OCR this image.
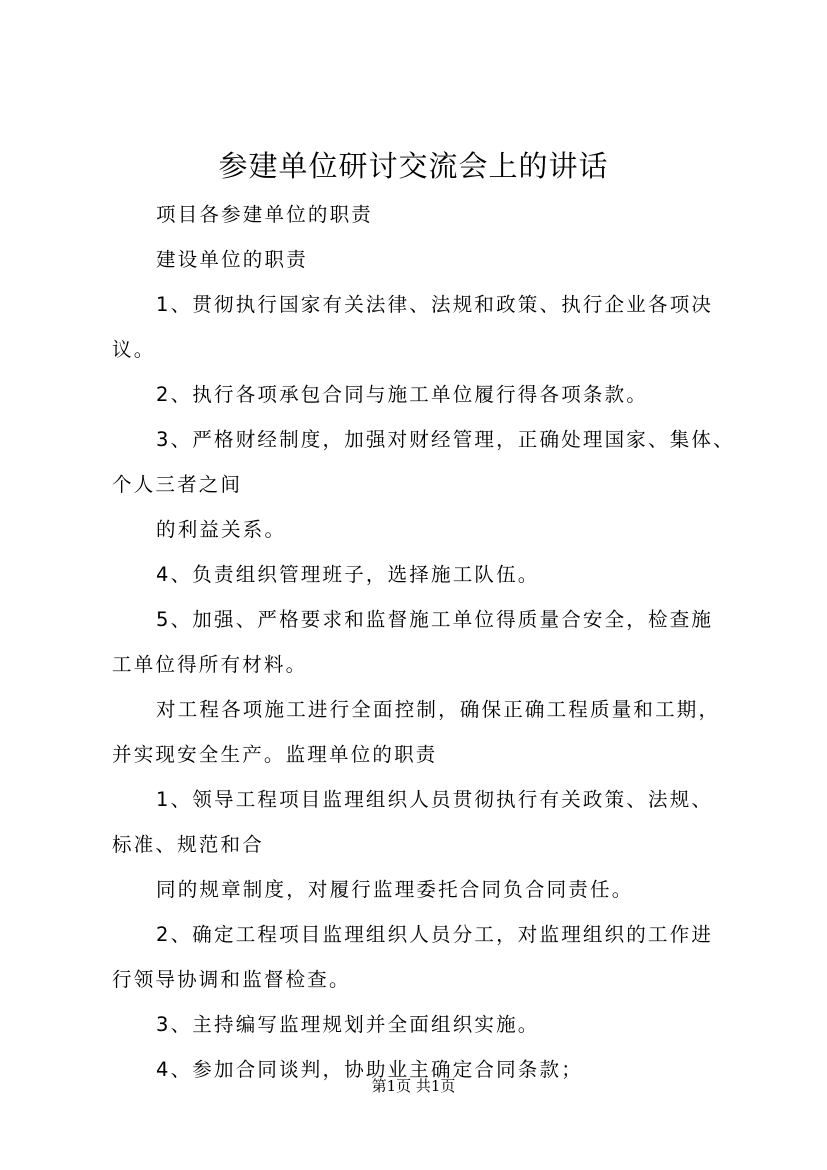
参建单位研讨交流会上的讲话
项目各参建单位的职责
建设单位的职责
1、贯彻执行国家有关法律、法规和政策、执行企业各项决
议。
2、执行各项承包合同与施工单位履行得各项条款。
3、严格财经制度，加强对财经管理，正确处理国家、集体、
个人三者之间
的利益关系。
4、负责组织管理班子，选择施工队伍。
5、加强、严格要求和监督施工单位得质量合安全，检查施
工单位得所有材料。
对工程各项施工进行全面控制，确保正确工程质量和工期，
并实现安全生产。监理单位的职责
1、领导工程项目监理组织人员贯彻执行有关政策、法规、
标准、规范和合
同的规章制度，对履行监理委托合同负合同责任。
2、确定工程项目监理组织人员分工，对监理组织的工作进
行领导协调和监督检查。
3、主持编写监理规划并全面组织实施。
4、参加合同谈判，协助业主确定合同条款；
第1页 共1页
